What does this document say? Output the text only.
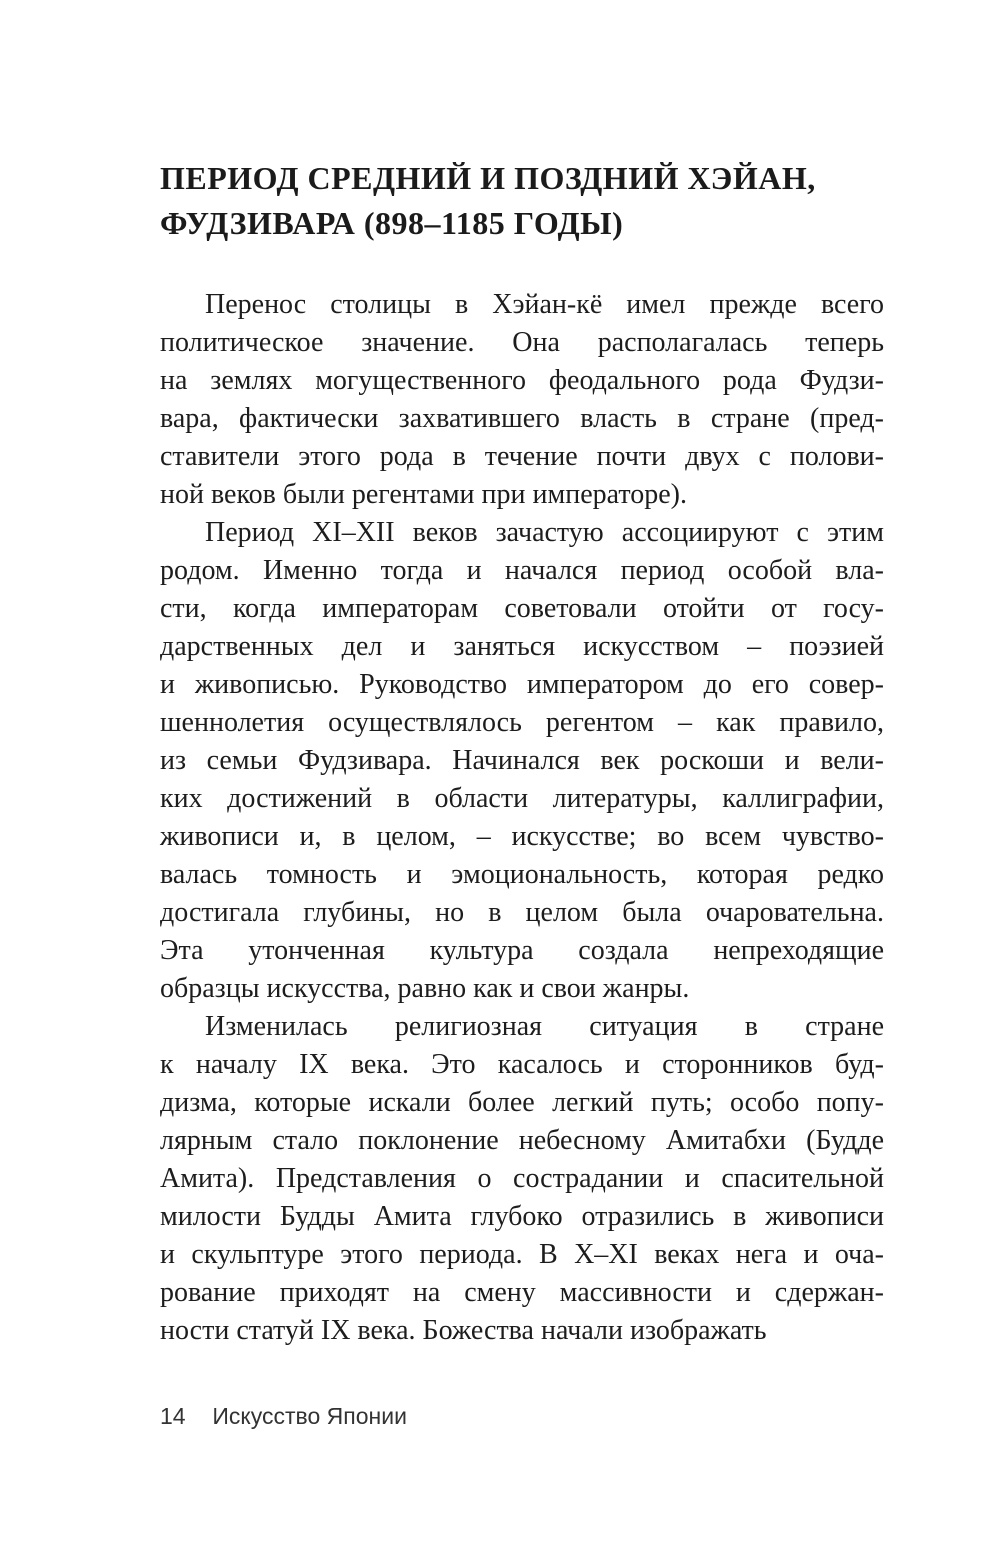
ПЕРИОД СРЕДНИЙ И ПОЗДНИЙ ХЭЙАН,
ФУДЗИВАРА (898–1185 ГОДЫ)
Перенос столицы в Хэйан-кё имел прежде всего
политическое значение. Она располагалась теперь
на землях могущественного феодального рода Фудзи-
вара, фактически захватившего власть в стране (пред-
ставители этого рода в течение почти двух с полови-
ной веков были регентами при императоре).
Период XI–XII веков зачастую ассоциируют с этим
родом. Именно тогда и начался период особой вла-
сти, когда императорам советовали отойти от госу-
дарственных дел и заняться искусством – поэзией
и живописью. Руководство императором до его совер-
шеннолетия осуществлялось регентом – как правило,
из семьи Фудзивара. Начинался век роскоши и вели-
ких достижений в области литературы, каллиграфии,
живописи и, в целом, – искусстве; во всем чувство-
валась томность и эмоциональность, которая редко
достигала глубины, но в целом была очаровательна.
Эта утонченная культура создала непреходящие
образцы искусства, равно как и свои жанры.
Изменилась религиозная ситуация в стране
к началу IX века. Это касалось и сторонников буд-
дизма, которые искали более легкий путь; особо попу-
лярным стало поклонение небесному Амитабхи (Будде
Амита). Представления о сострадании и спасительной
милости Будды Амита глубоко отразились в живописи
и скульптуре этого периода. В X–XI веках нега и оча-
рование приходят на смену массивности и сдержан-
ности статуй IX века. Божества начали изображать
14 Искусство Японии
